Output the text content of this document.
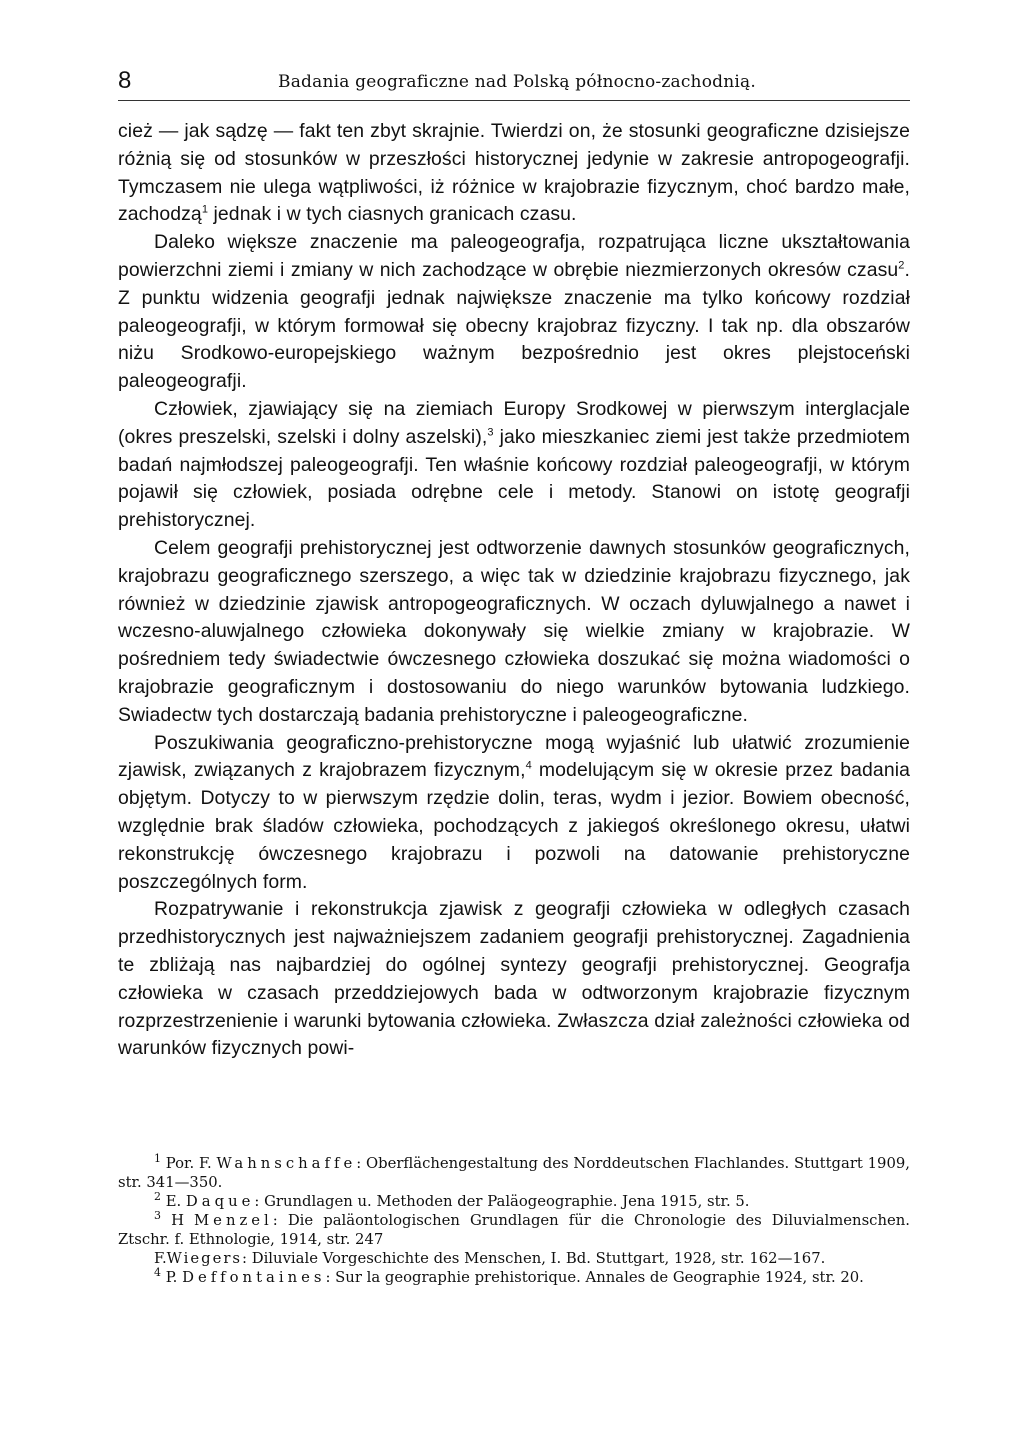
8	Badania geograficzne nad Polską północno-zachodnią.

cież — jak sądzę — fakt ten zbyt skrajnie. Twierdzi on, że stosunki geograficzne dzisiejsze różnią się od stosunków w przeszłości historycznej jedynie w zakresie antropogeografji. Tymczasem nie ulega wątpliwości, iż różnice w krajobrazie fizycznym, choć bardzo małe, zachodzą$^1$ jednak i w tych ciasnych granicach czasu.

Daleko większe znaczenie ma paleogeografja, rozpatrująca liczne ukształtowania powierzchni ziemi i zmiany w nich zachodzące w obrębie niezmierzonych okresów czasu$^2$. Z punktu widzenia geografji jednak największe znaczenie ma tylko końcowy rozdział paleogeografji, w którym formował się obecny krajobraz fizyczny. I tak np. dla obszarów niżu Srodkowo-europejskiego ważnym bezpośrednio jest okres plejstoceński paleogeografji.

Człowiek, zjawiający się na ziemiach Europy Srodkowej w pierwszym interglacjale (okres preszelski, szelski i dolny aszelski),$^3$ jako mieszkaniec ziemi jest także przedmiotem badań najmłodszej paleogeografji. Ten właśnie końcowy rozdział paleogeografji, w którym pojawił się człowiek, posiada odrębne cele i metody. Stanowi on istotę geografji prehistorycznej.

Celem geografji prehistorycznej jest odtworzenie dawnych stosunków geograficznych, krajobrazu geograficznego szerszego, a więc tak w dziedzinie krajobrazu fizycznego, jak również w dziedzinie zjawisk antropogeograficznych. W oczach dyluwjalnego a nawet i wczesno-aluwjalnego człowieka dokonywały się wielkie zmiany w krajobrazie. W pośredniem tedy świadectwie ówczesnego człowieka doszukać się można wiadomości o krajobrazie geograficznym i dostosowaniu do niego warunków bytowania ludzkiego. Swiadectw tych dostarczają badania prehistoryczne i paleogeograficzne.

Poszukiwania geograficzno-prehistoryczne mogą wyjaśnić lub ułatwić zrozumienie zjawisk, związanych z krajobrazem fizycznym,$^4$ modelującym się w okresie przez badania objętym. Dotyczy to w pierwszym rzędzie dolin, teras, wydm i jezior. Bowiem obecność, względnie brak śladów człowieka, pochodzących z jakiegoś określonego okresu, ułatwi rekonstrukcję ówczesnego krajobrazu i pozwoli na datowanie prehistoryczne poszczególnych form.

Rozpatrywanie i rekonstrukcja zjawisk z geografji człowieka w odległych czasach przedhistorycznych jest najważniejszem zadaniem geografji prehistorycznej. Zagadnienia te zbliżają nas najbardziej do ogólnej syntezy geografji prehistorycznej. Geografja człowieka w czasach przeddziejowych bada w odtworzonym krajobrazie fizycznym rozprzestrzenienie i warunki bytowania człowieka. Zwłaszcza dział zależności człowieka od warunków fizycznych powi-

$^1$ Por. F. Wahnschaffe: Oberflächengestaltung des Norddeutschen Flachlandes. Stuttgart 1909, str. 341—350.

$^2$ E. Daque: Grundlagen u. Methoden der Paläogeographie. Jena 1915, str. 5.

$^3$ H Menzel: Die paläontologischen Grundlagen für die Chronologie des Diluvialmenschen. Ztschr. f. Ethnologie, 1914, str. 247

F.Wiegers: Diluviale Vorgeschichte des Menschen, I. Bd. Stuttgart, 1928, str. 162—167.

$^4$ P. Deffontaines: Sur la geographie prehistorique. Annales de Geographie 1924, str. 20.
